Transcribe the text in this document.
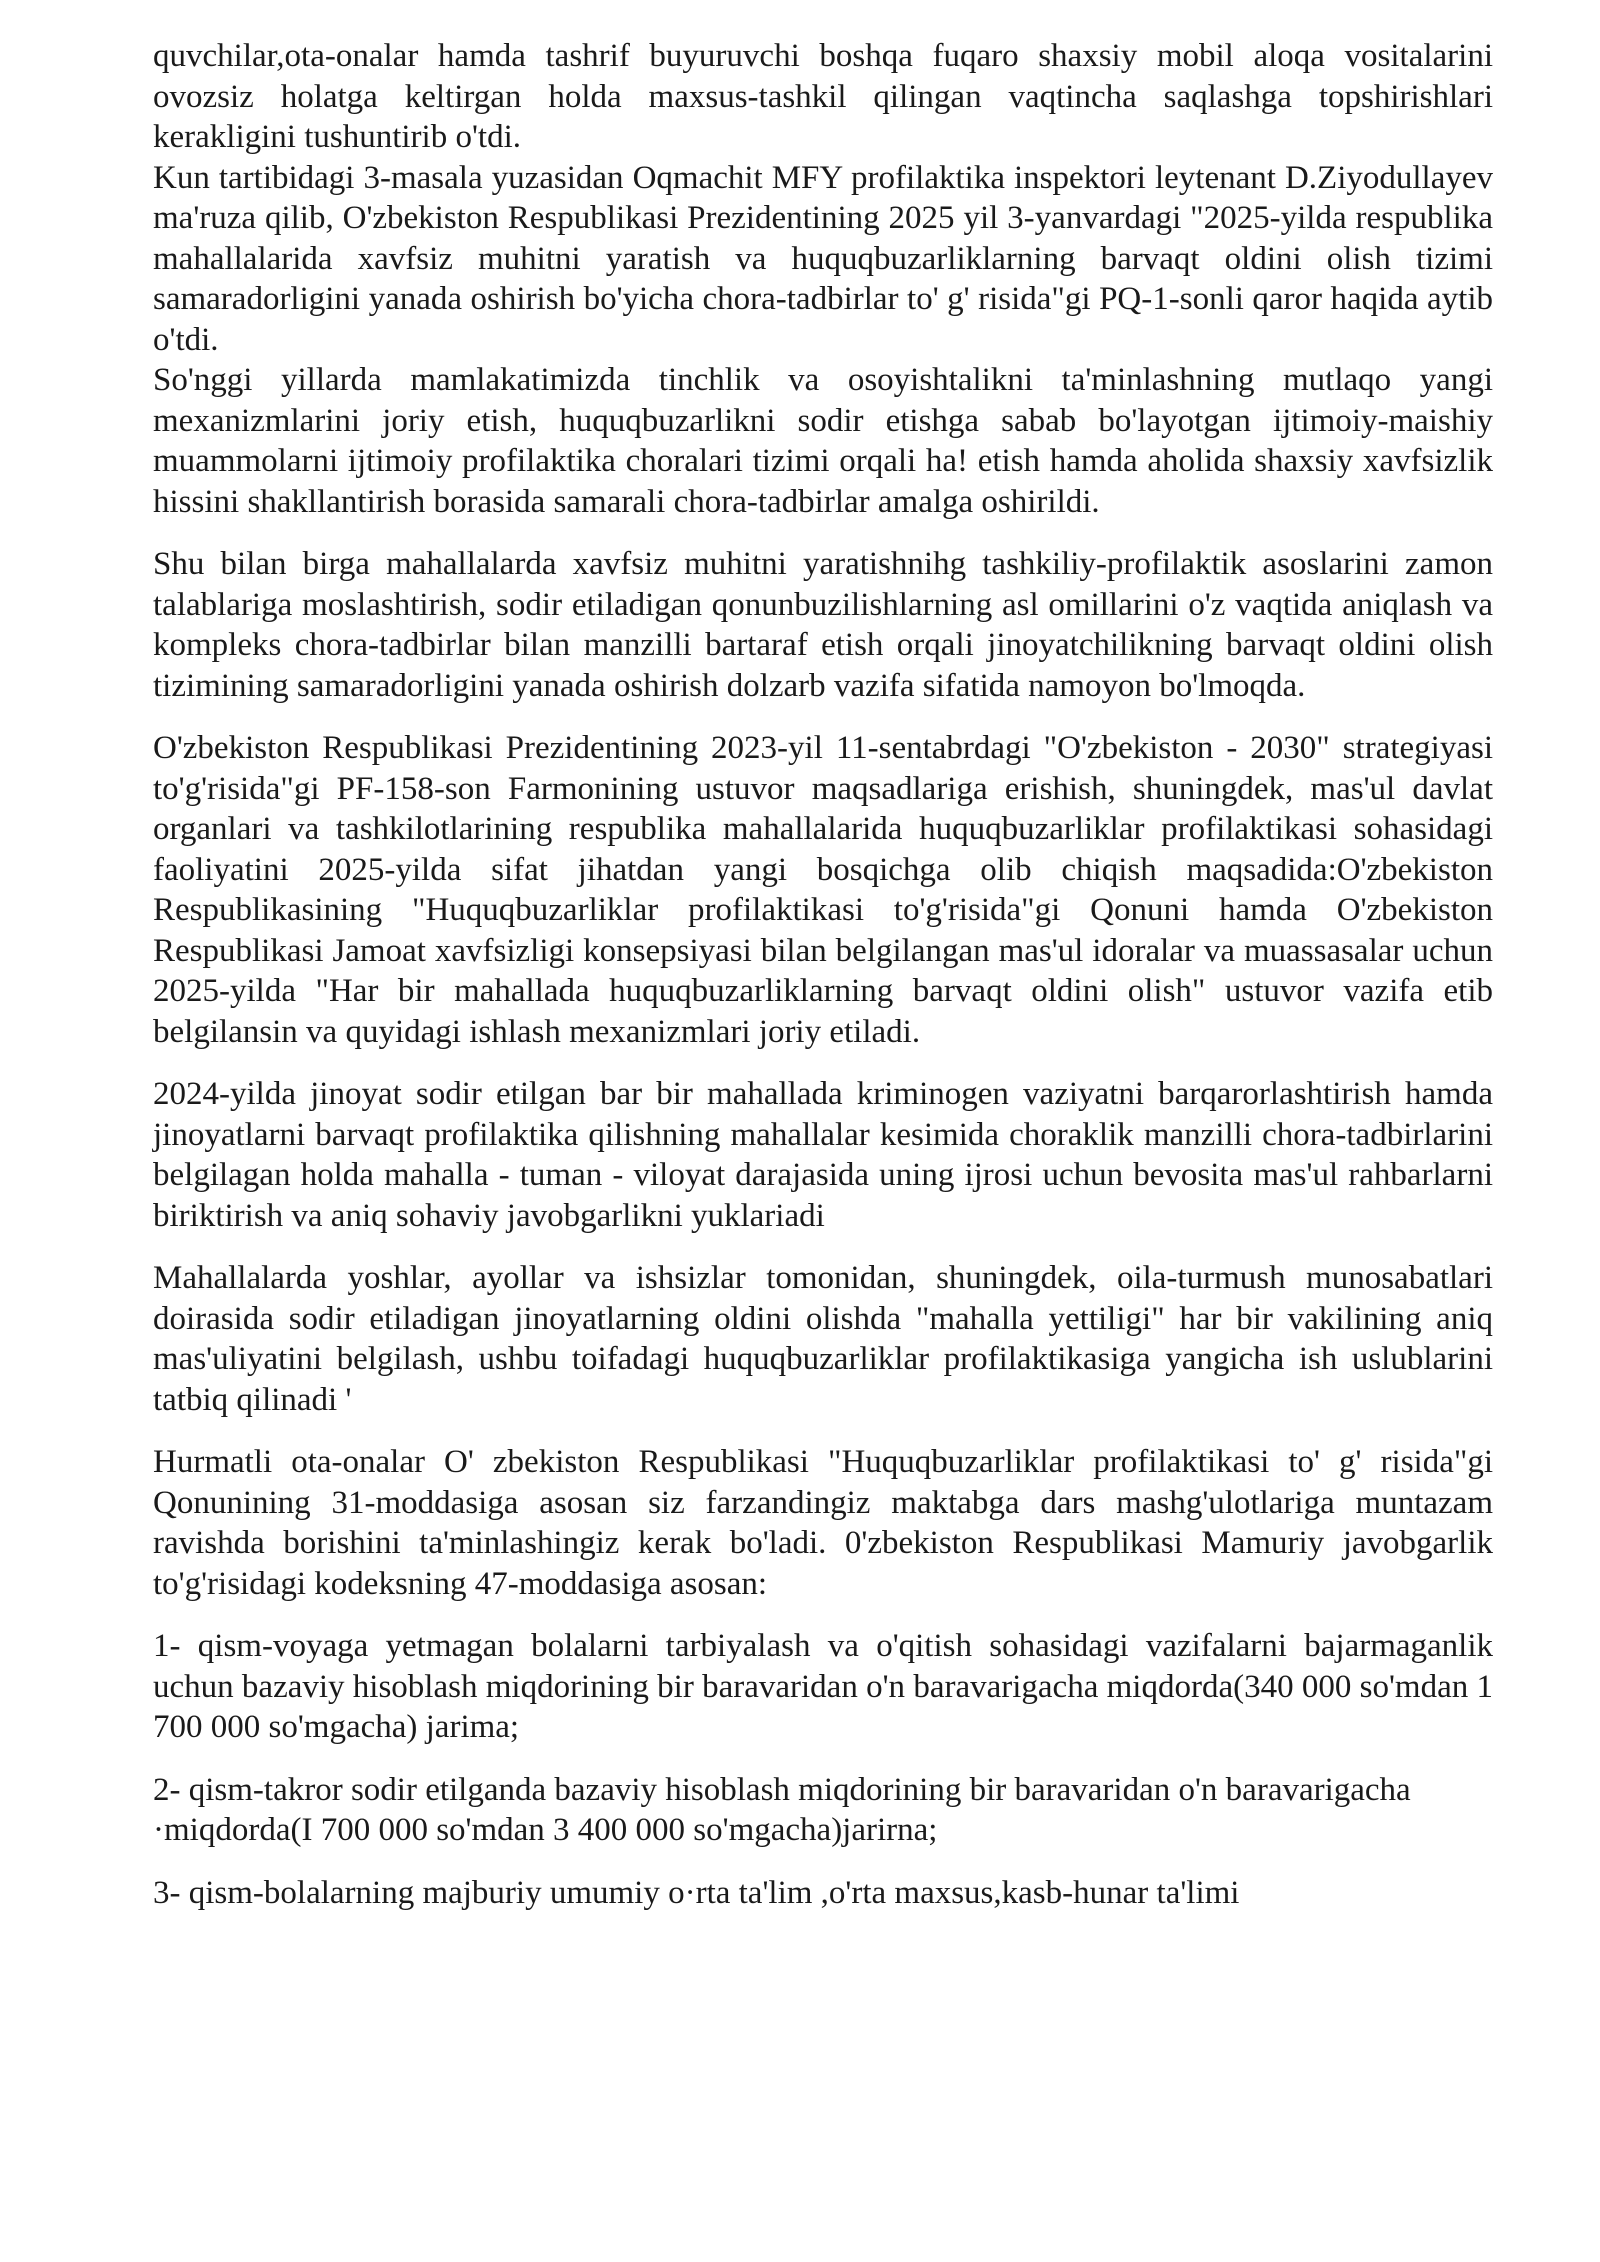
quvchilar,ota-onalar hamda tashrif buyuruvchi boshqa fuqaro shaxsiy mobil aloqa vositalarini ovozsiz holatga keltirgan holda maxsus-tashkil qilingan vaqtincha saqlashga topshirishlari kerakligini tushuntirib o'tdi.

Kun tartibidagi 3-masala yuzasidan Oqmachit MFY profilaktika inspektori leytenant D.Ziyodullayev ma'ruza qilib, O'zbekiston Respublikasi Prezidentining 2025 yil 3-yanvardagi "2025-yilda respublika mahallalarida xavfsiz muhitni yaratish va huquqbuzarliklarning barvaqt oldini olish tizimi samaradorligini yanada oshirish bo'yicha chora-tadbirlar to' g' risida"gi PQ-1-sonli qaror haqida aytib o'tdi.

So'nggi yillarda mamlakatimizda tinchlik va osoyishtalikni ta'minlashning mutlaqo yangi mexanizmlarini joriy etish, huquqbuzarlikni sodir etishga sabab bo'layotgan ijtimoiy-maishiy muammolarni ijtimoiy profilaktika choralari tizimi orqali ha! etish hamda aholida shaxsiy xavfsizlik hissini shakllantirish borasida samarali chora-tadbirlar amalga oshirildi.

Shu bilan birga mahallalarda xavfsiz muhitni yaratishnihg tashkiliy-profilaktik asoslarini zamon talablariga moslashtirish, sodir etiladigan qonunbuzilishlarning asl omillarini o'z vaqtida aniqlash va kompleks chora-tadbirlar bilan manzilli bartaraf etish orqali jinoyatchilikning barvaqt oldini olish tizimining samaradorligini yanada oshirish dolzarb vazifa sifatida namoyon bo'lmoqda.

O'zbekiston Respublikasi Prezidentining 2023-yil 11-sentabrdagi "O'zbekiston - 2030" strategiyasi to'g'risida"gi PF-158-son Farmonining ustuvor maqsadlariga erishish, shuningdek, mas'ul davlat organlari va tashkilotlarining respublika mahallalarida huquqbuzarliklar profilaktikasi sohasidagi faoliyatini 2025-yilda sifat jihatdan yangi bosqichga olib chiqish maqsadida:O'zbekiston Respublikasining "Huquqbuzarliklar profilaktikasi to'g'risida"gi Qonuni hamda O'zbekiston Respublikasi Jamoat xavfsizligi konsepsiyasi bilan belgilangan mas'ul idoralar va muassasalar uchun 2025-yilda "Har bir mahallada huquqbuzarliklarning barvaqt oldini olish" ustuvor vazifa etib belgilansin va quyidagi ishlash mexanizmlari joriy etiladi.

2024-yilda jinoyat sodir etilgan bar bir mahallada kriminogen vaziyatni barqarorlashtirish hamda jinoyatlarni barvaqt profilaktika qilishning mahallalar kesimida choraklik manzilli chora-tadbirlarini belgilagan holda mahalla - tuman - viloyat darajasida uning ijrosi uchun bevosita mas'ul rahbarlarni biriktirish va aniq sohaviy javobgarlikni yuklariadi

Mahallalarda yoshlar, ayollar va ishsizlar tomonidan, shuningdek, oila-turmush munosabatlari doirasida sodir etiladigan jinoyatlarning oldini olishda "mahalla yettiligi" har bir vakilining aniq mas'uliyatini belgilash, ushbu toifadagi huquqbuzarliklar profilaktikasiga yangicha ish uslublarini tatbiq qilinadi '

Hurmatli ota-onalar O' zbekiston Respublikasi "Huquqbuzarliklar profilaktikasi to' g' risida"gi Qonunining 31-moddasiga asosan siz farzandingiz maktabga dars mashg'ulotlariga muntazam ravishda borishini ta'minlashingiz kerak bo'ladi. 0'zbekiston Respublikasi Mamuriy javobgarlik to'g'risidagi kodeksning 47-moddasiga asosan:

1- qism-voyaga yetmagan bolalarni tarbiyalash va o'qitish sohasidagi vazifalarni bajarmaganlik uchun bazaviy hisoblash miqdorining bir baravaridan o'n baravarigacha miqdorda(340 000 so'mdan 1 700 000 so'mgacha) jarima;

2- qism-takror sodir etilganda bazaviy hisoblash miqdorining bir baravaridan o'n baravarigacha

·miqdorda(I 700 000 so'mdan 3 400 000 so'mgacha)jarirna;

3- qism-bolalarning majburiy umumiy o·rta ta'lim ,o'rta maxsus,kasb-hunar ta'limi
